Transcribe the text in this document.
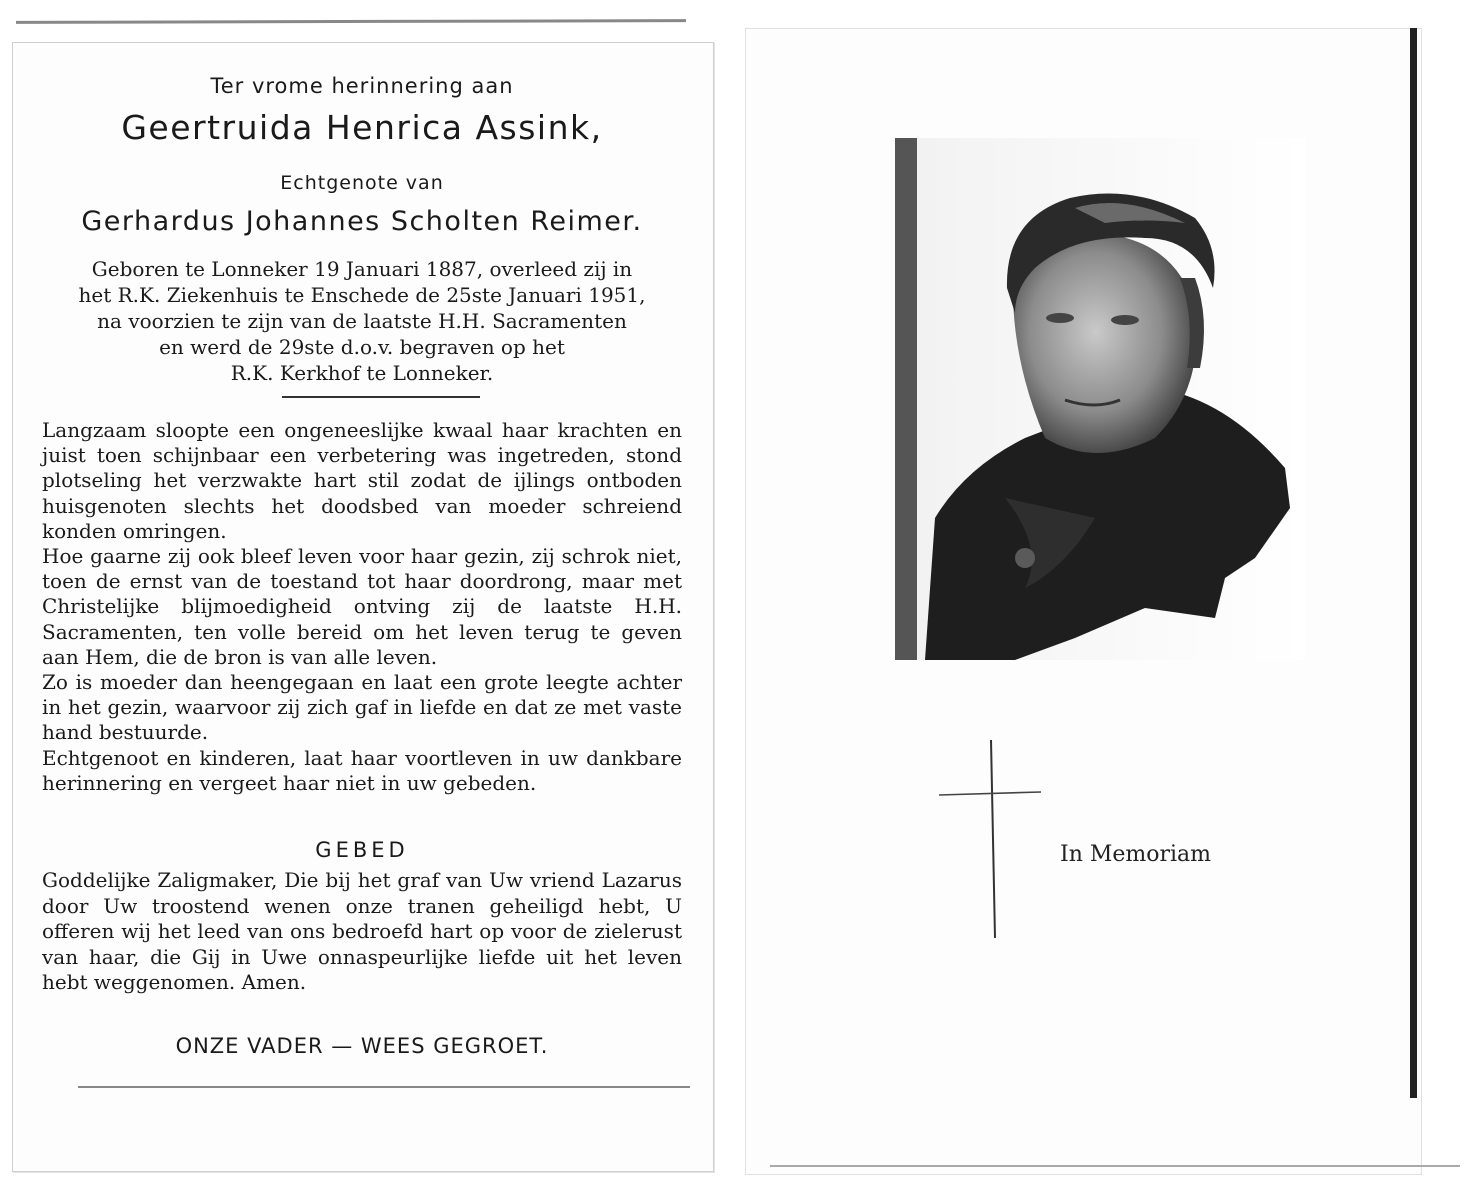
Ter vrome herinnering aan
Geertruida Henrica Assink,
Echtgenote van
Gerhardus Johannes Scholten Reimer.

Geboren te Lonneker 19 Januari 1887, overleed zij in

het R.K. Ziekenhuis te Enschede de 25ste Januari 1951,

na voorzien te zijn van de laatste H.H. Sacramenten

en werd de 29ste d.o.v. begraven op het

R.K. Kerkhof te Lonneker.

Langzaam sloopte een ongeneeslijke kwaal haar krachten en juist toen schijnbaar een verbetering was ingetreden, stond plotseling het verzwakte hart stil zodat de ijlings ontboden huisgenoten slechts het doodsbed van moeder schreiend konden omringen.

Hoe gaarne zij ook bleef leven voor haar gezin, zij schrok niet, toen de ernst van de toestand tot haar doordrong, maar met Christelijke blijmoedigheid ontving zij de laatste H.H. Sacramenten, ten volle bereid om het leven terug te geven aan Hem, die de bron is van alle leven.

Zo is moeder dan heengegaan en laat een grote leegte achter in het gezin, waarvoor zij zich gaf in liefde en dat ze met vaste hand bestuurde.

Echtgenoot en kinderen, laat haar voortleven in uw dankbare herinnering en vergeet haar niet in uw gebeden.

GEBED
Goddelijke Zaligmaker, Die bij het graf van Uw vriend Lazarus door Uw troostend wenen onze tranen geheiligd hebt, U offeren wij het leed van ons bedroefd hart op voor de zielerust van haar, die Gij in Uwe onnaspeurlijke liefde uit het leven hebt weggenomen. Amen.
ONZE VADER — WEES GEGROET.
In Memoriam
